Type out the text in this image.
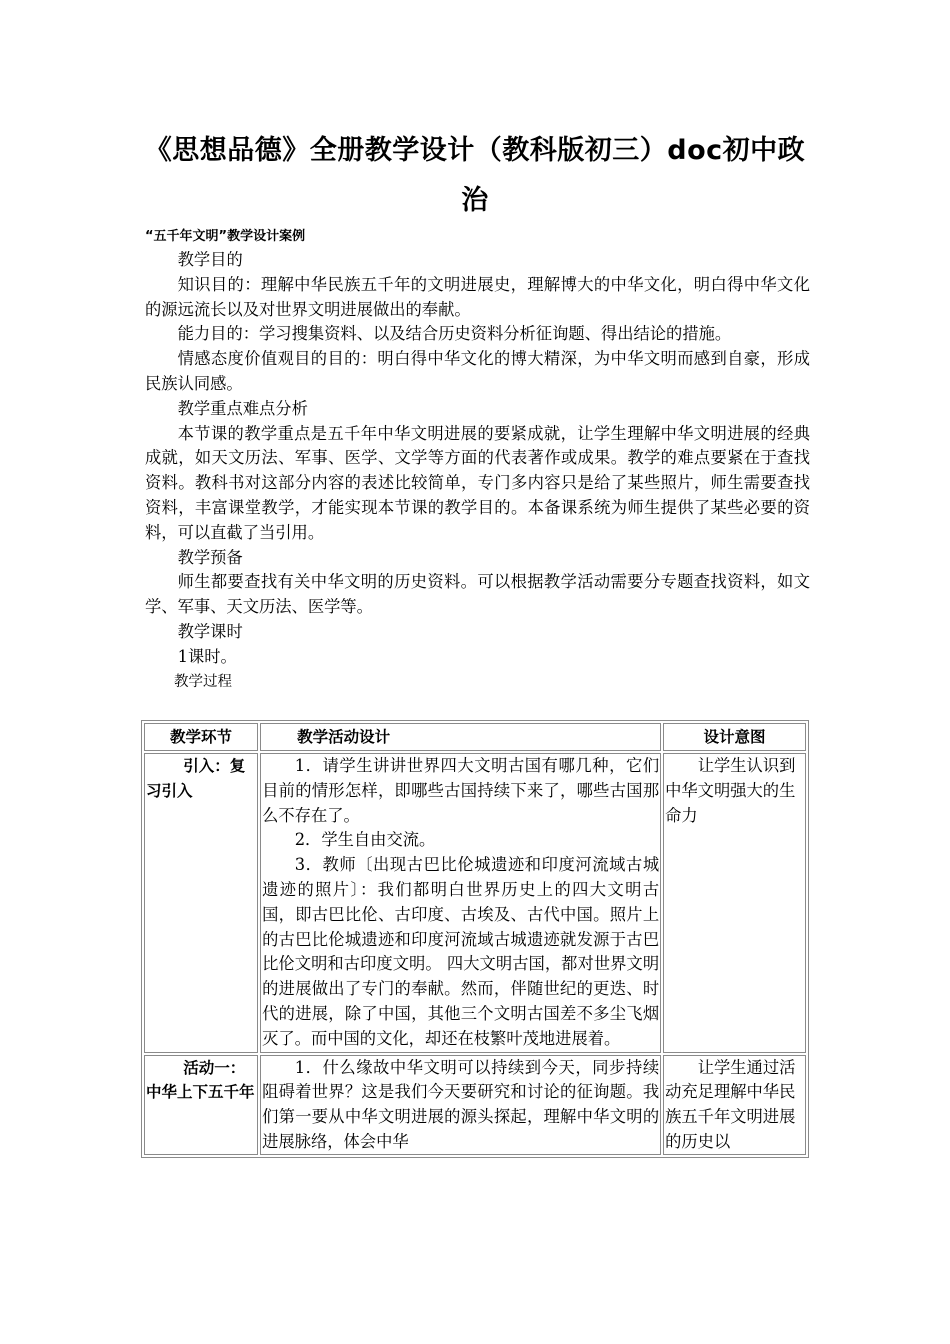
《思想品德》全册教学设计（教科版初三）doc初中政治
“五千年文明”教学设计案例

教学目的

知识目的：理解中华民族五千年的文明进展史，理解博大的中华文化，明白得中华文化的源远流长以及对世界文明进展做出的奉献。

能力目的：学习搜集资料、以及结合历史资料分析征询题、得出结论的措施。

情感态度价值观目的目的：明白得中华文化的博大精深，为中华文明而感到自豪，形成民族认同感。

教学重点难点分析

本节课的教学重点是五千年中华文明进展的要紧成就，让学生理解中华文明进展的经典成就，如天文历法、军事、医学、文学等方面的代表著作或成果。教学的难点要紧在于查找资料。教科书对这部分内容的表述比较简单，专门多内容只是给了某些照片，师生需要查找资料，丰富课堂教学，才能实现本节课的教学目的。本备课系统为师生提供了某些必要的资料，可以直截了当引用。

教学预备

师生都要查找有关中华文明的历史资料。可以根据教学活动需要分专题查找资料，如文学、军事、天文历法、医学等。

教学课时

1课时。

教学过程

教学环节	教学活动设计	设计意图
引入：复习引入	1．请学生讲讲世界四大文明古国有哪几种，它们目前的情形怎样，即哪些古国持续下来了，哪些古国那么不存在了。

2．学生自由交流。

3．教师〔出现古巴比伦城遗迹和印度河流域古城遗迹的照片〕：我们都明白世界历史上的四大文明古国，即古巴比伦、古印度、古埃及、古代中国。照片上的古巴比伦城遗迹和印度河流域古城遗迹就发源于古巴比伦文明和古印度文明。 四大文明古国，都对世界文明的进展做出了专门的奉献。然而，伴随世纪的更迭、时代的进展，除了中国，其他三个文明古国差不多尘飞烟灭了。而中国的文化，却还在枝繁叶茂地进展着。	让学生认识到中华文明强大的生命力

活动一：中华上下五千年	1．什么缘故中华文明可以持续到今天，同步持续阻碍着世界？这是我们今天要研究和讨论的征询题。我们第一要从中华文明进展的源头探起，理解中华文明的进展脉络，体会中华	让学生通过活动充足理解中华民族五千年文明进展的历史以
